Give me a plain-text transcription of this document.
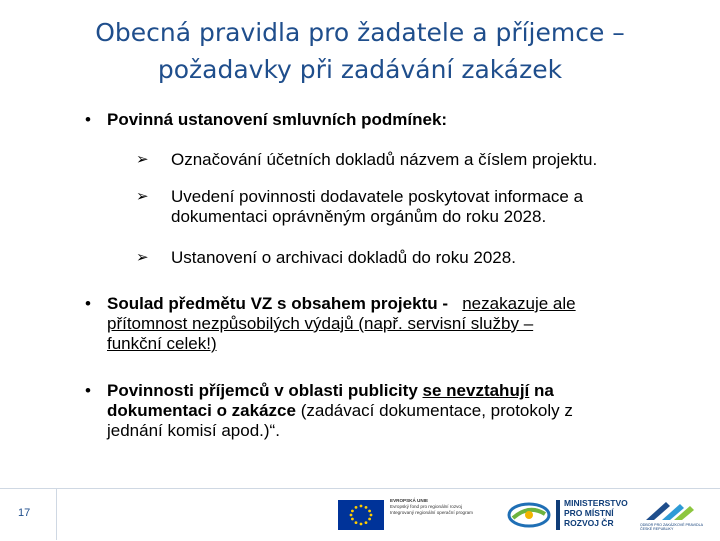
Obecná pravidla pro žadatele a příjemce –
požadavky při zadávání zakázek
• Povinná ustanovení smluvních podmínek:
➢ Označování účetních dokladů názvem a číslem projektu.
➢ Uvedení povinnosti dodavatele poskytovat informace a
dokumentaci oprávněným orgánům do roku 2028.
➢ Ustanovení o archivaci dokladů do roku 2028.
• Soulad předmětu VZ s obsahem projektu - nezakazuje ale
přítomnost nezpůsobilých výdajů (např. servisní služby –
funkční celek!)
• Povinnosti příjemců v oblasti publicity se nevztahují na
dokumentaci o zakázce (zadávací dokumentace, protokoly z
jednání komisí apod.)“.
17
EVROPSKÁ UNIE
Evropský fond pro regionální rozvoj
Integrovaný regionální operační program
MINISTERSTVO
PRO MÍSTNÍ
ROZVOJ ČR	ODBOR PRO ZAKÁZKOVÉ PRAVIDLA
ČESKÉ REPUBLIKY
